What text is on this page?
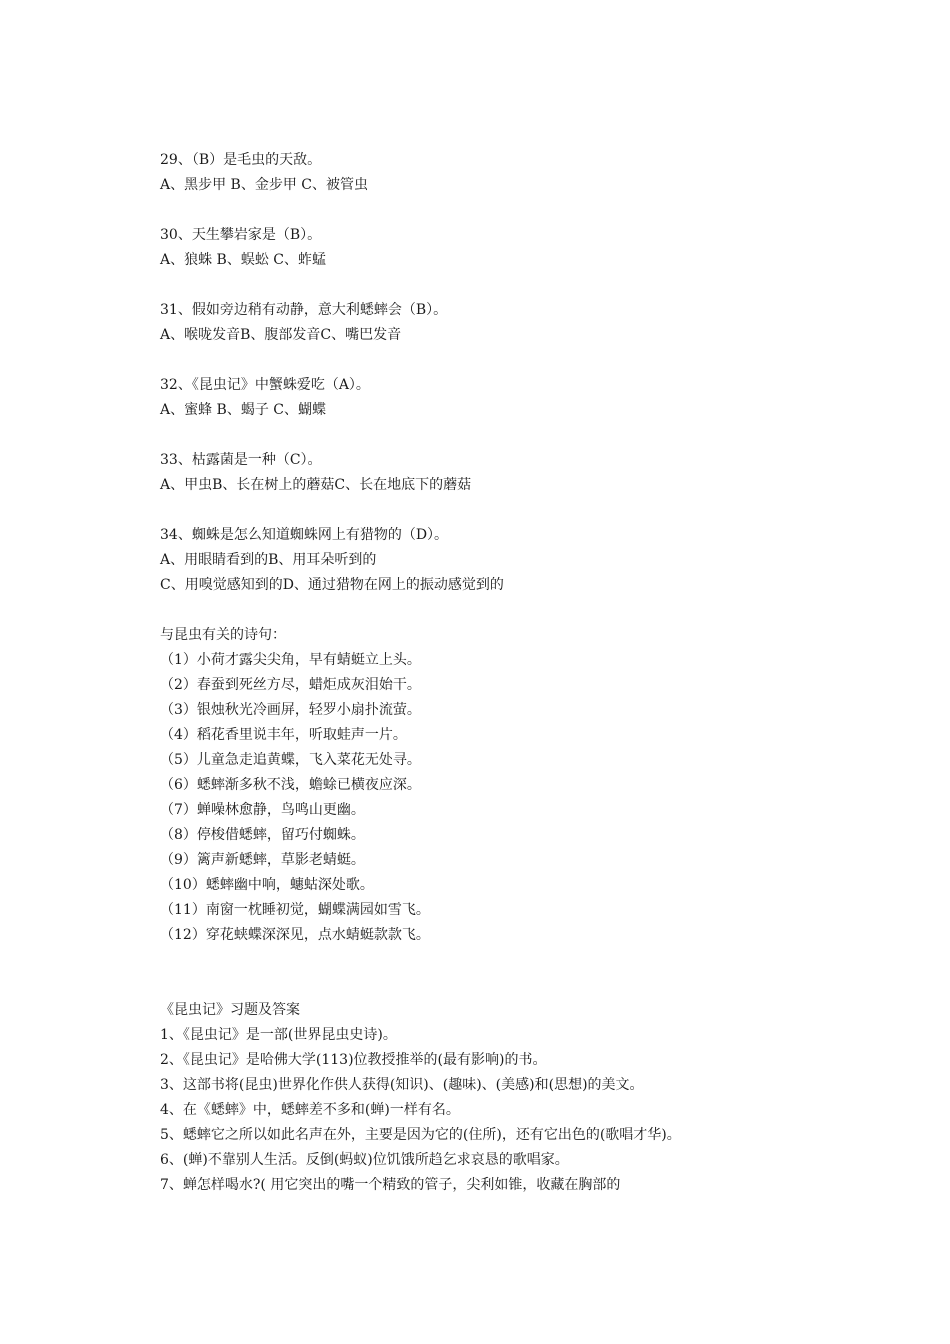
29、（B）是毛虫的天敌。
A、黑步甲 B、金步甲 C、被管虫
30、天生攀岩家是（B）。
A、狼蛛 B、蜈蚣 C、蚱蜢
31、假如旁边稍有动静，意大利蟋蟀会（B）。
A、喉咙发音B、腹部发音C、嘴巴发音
32、《昆虫记》中蟹蛛爱吃（A）。
A、蜜蜂 B、蝎子 C、蝴蝶
33、枯露菌是一种（C）。
A、甲虫B、长在树上的蘑菇C、长在地底下的蘑菇
34、蜘蛛是怎么知道蜘蛛网上有猎物的（D）。
A、用眼睛看到的B、用耳朵听到的
C、用嗅觉感知到的D、通过猎物在网上的振动感觉到的
与昆虫有关的诗句：
（1）小荷才露尖尖角，早有蜻蜓立上头。
（2）春蚕到死丝方尽，蜡炬成灰泪始干。
（3）银烛秋光冷画屏，轻罗小扇扑流萤。
（4）稻花香里说丰年，听取蛙声一片。
（5）儿童急走追黄蝶，飞入菜花无处寻。
（6）蟋蟀渐多秋不浅，蟾蜍已横夜应深。
（7）蝉噪林愈静，鸟鸣山更幽。
（8）停梭借蟋蟀，留巧付蜘蛛。
（9）篱声新蟋蟀，草影老蜻蜓。
（10）蟋蟀幽中响，蟪蛄深处歌。
（11）南窗一枕睡初觉，蝴蝶满园如雪飞。
（12）穿花蛱蝶深深见，点水蜻蜓款款飞。
《昆虫记》习题及答案
1、《昆虫记》是一部(世界昆虫史诗)。
2、《昆虫记》是哈佛大学(113)位教授推举的(最有影响)的书。
3、这部书将(昆虫)世界化作供人获得(知识)、(趣味)、(美感)和(思想)的美文。
4、在《蟋蟀》中，蟋蟀差不多和(蝉)一样有名。
5、蟋蟀它之所以如此名声在外，主要是因为它的(住所)，还有它出色的(歌唱才华)。
6、(蝉)不靠别人生活。反倒(蚂蚁)位饥饿所趋乞求哀恳的歌唱家。
7、蝉怎样喝水?( 用它突出的嘴一个精致的管子，尖利如锥，收藏在胸部的
